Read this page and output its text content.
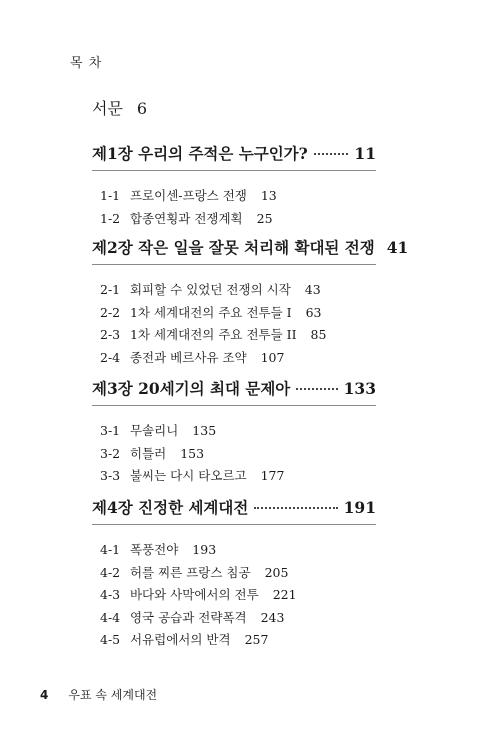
목 차
서문 6
제1장 우리의 주적은 누구인가?	11
1-1 프로이센-프랑스 전쟁 13
1-2 합종연횡과 전쟁계획 25
제2장 작은 일을 잘못 처리해 확대된 전쟁 41
2-1 회피할 수 있었던 전쟁의 시작 43
2-2 1차 세계대전의 주요 전투들 I 63
2-3 1차 세계대전의 주요 전투들 II 85
2-4 종전과 베르사유 조약 107
제3장 20세기의 최대 문제아	133
3-1 무솔리니 135
3-2 히틀러 153
3-3 불씨는 다시 타오르고 177
제4장 진정한 세계대전	191
4-1 폭풍전야 193
4-2 허를 찌른 프랑스 침공 205
4-3 바다와 사막에서의 전투 221
4-4 영국 공습과 전략폭격 243
4-5 서유럽에서의 반격 257
4 우표 속 세계대전
